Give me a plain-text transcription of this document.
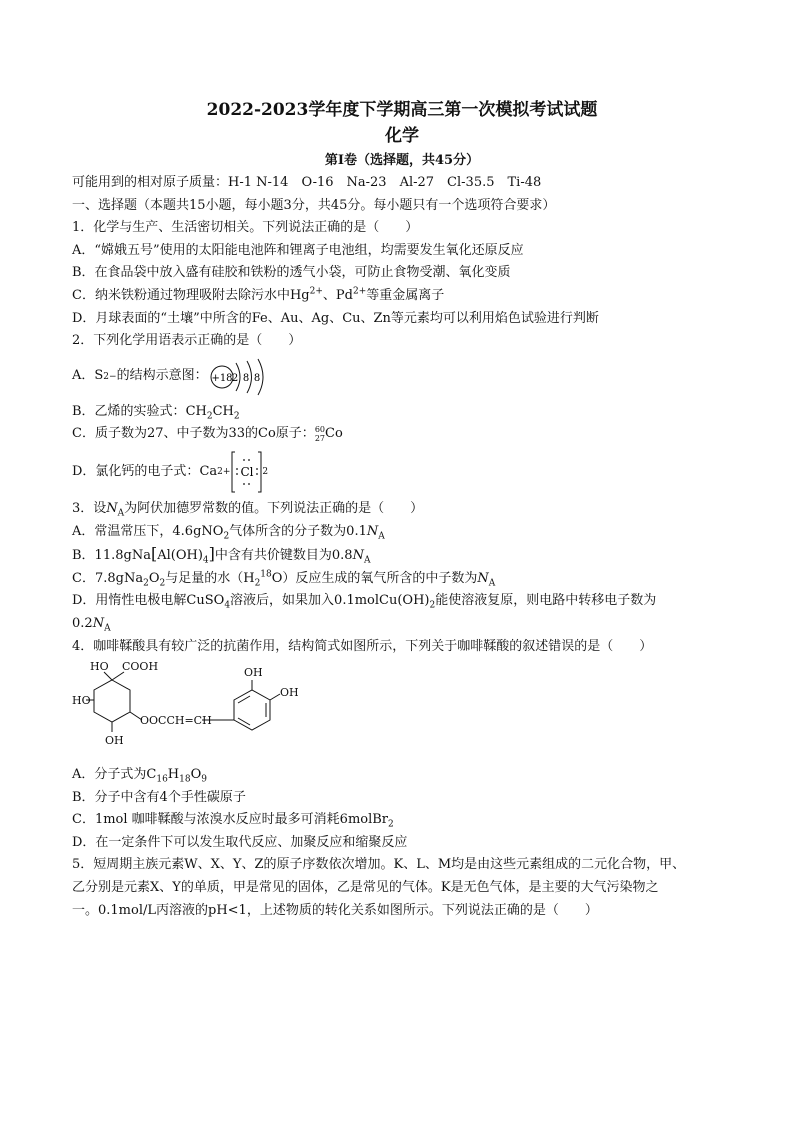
2022-2023学年度下学期高三第一次模拟考试试题
化学
第Ⅰ卷（选择题，共45分）
可能用到的相对原子质量：H-1 N-14　O-16　Na-23　Al-27　Cl-35.5　Ti-48
一、选择题（本题共15小题，每小题3分，共45分。每小题只有一个选项符合要求）
1．化学与生产、生活密切相关。下列说法正确的是（　　）
A．“嫦娥五号”使用的太阳能电池阵和锂离子电池组，均需要发生氧化还原反应
B．在食品袋中放入盛有硅胶和铁粉的透气小袋，可防止食物受潮、氧化变质
C．纳米铁粉通过物理吸附去除污水中$Hg^{2+}$、$Pd^{2+}$等重金属离子
D．月球表面的“土壤”中所含的Fe、Au、Ag、Cu、Zn等元素均可以利用焰色试验进行判断
2．下列化学用语表示正确的是（　　）
A． S 2− 的结构示意图： +18 2 8 8
B．乙烯的实验式：$CH_2CH_2$
C．质子数为27、中子数为33的Co原子： 60
27 Co
D．氯化钙的电子式： Ca 2+ Cl 2
3．设$N_A$为阿伏加德罗常数的值。下列说法正确的是（　　）
A．常温常压下，4.6gNO$_2$气体所含的分子数为$0.1N_A$
B．$11.8gNa[Al(OH)_4]$中含有共价键数目为$0.8N_A$
C．$7.8gNa_2O_2$与足量的水$(H_2^{18}O)$反应生成的氧气所含的中子数为$N_A$
D．用惰性电极电解CuSO$_4$溶液后，如果加入$0.1molCu(OH)_2$能使溶液复原，则电路中转移电子数为
$0.2N_A$
4．咖啡鞣酸具有较广泛的抗菌作用，结构简式如图所示，下列关于咖啡鞣酸的叙述错误的是（　　）
HO COOH
HO
OH
OOCCH=CH
OH
OH
A．分子式为$C_{16}H_{18}O_9$
B．分子中含有4个手性碳原子
C．1mol 咖啡鞣酸与浓溴水反应时最多可消耗6molBr$_2$
D．在一定条件下可以发生取代反应、加聚反应和缩聚反应
5．短周期主族元素W、X、Y、Z的原子序数依次增加。K、L、M均是由这些元素组成的二元化合物，甲、
乙分别是元素X、Y的单质，甲是常见的固体，乙是常见的气体。K是无色气体，是主要的大气污染物之
一。0.1mol/L丙溶液的pH<1，上述物质的转化关系如图所示。下列说法正确的是（　　）
